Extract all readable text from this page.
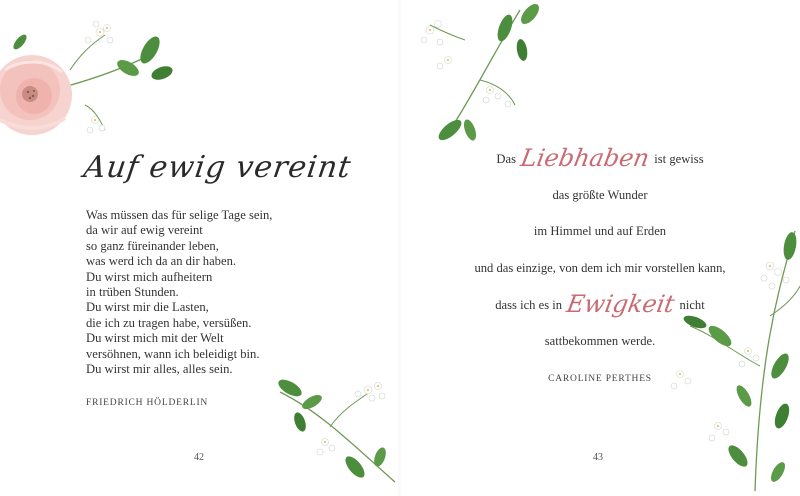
Auf ewig vereint
Was müssen das für selige Tage sein,
da wir auf ewig vereint
so ganz füreinander leben,
was werd ich da an dir haben.
Du wirst mich aufheitern
in trüben Stunden.
Du wirst mir die Lasten,
die ich zu tragen habe, versüßen.
Du wirst mich mit der Welt
versöhnen, wann ich beleidigt bin.
Du wirst mir alles, alles sein.
FRIEDRICH HÖLDERLIN
42
Das Liebhaben ist gewiss
das größte Wunder
im Himmel und auf Erden
und das einzige, von dem ich mir vorstellen kann,
dass ich es in Ewigkeit nicht
sattbekommen werde.
CAROLINE PERTHES
43
